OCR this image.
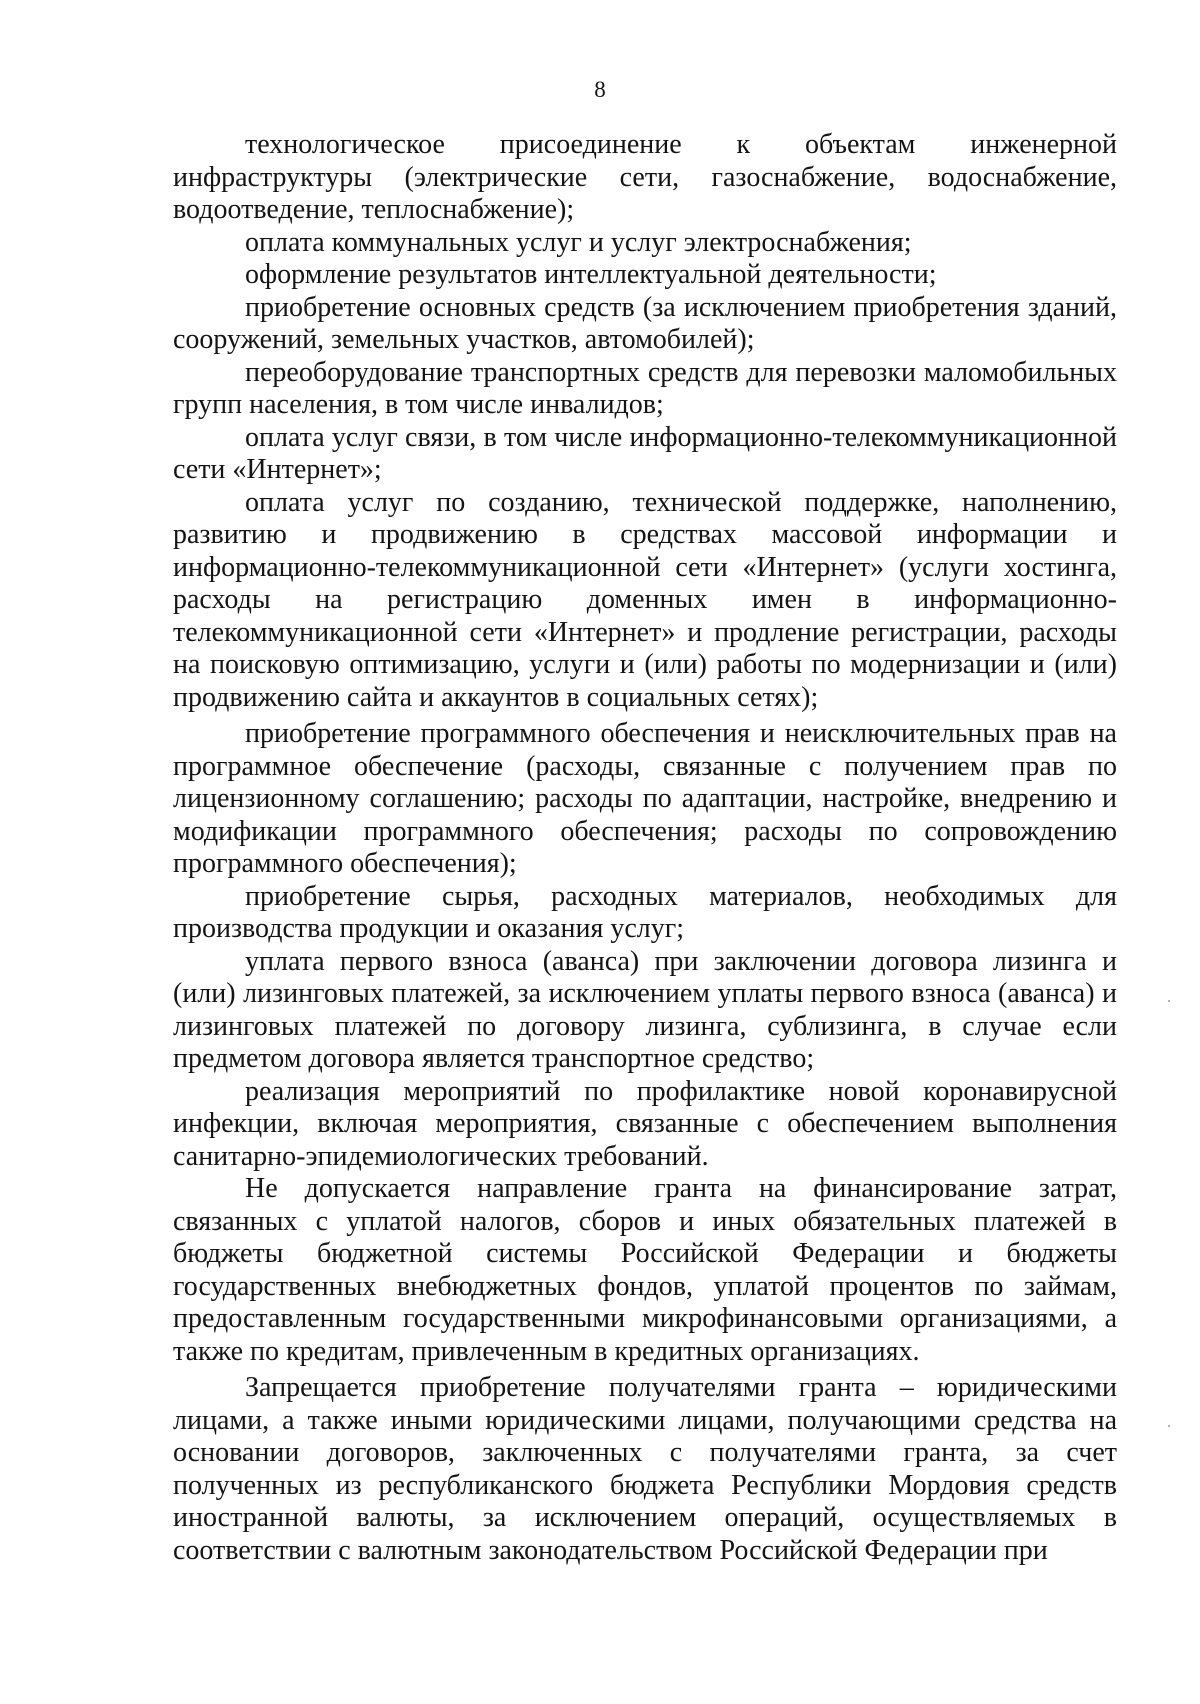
8

технологическое присоединение к объектам инженерной инфраструктуры (электрические сети, газоснабжение, водоснабжение, водоотведение, теплоснабжение);

оплата коммунальных услуг и услуг электроснабжения;

оформление результатов интеллектуальной деятельности;

приобретение основных средств (за исключением приобретения зданий, сооружений, земельных участков, автомобилей);

переоборудование транспортных средств для перевозки маломобильных групп населения, в том числе инвалидов;

оплата услуг связи, в том числе информационно-телекоммуникационной сети «Интернет»;

оплата услуг по созданию, технической поддержке, наполнению, развитию и продвижению в средствах массовой информации и информационно-телекоммуникационной сети «Интернет» (услуги хостинга, расходы на регистрацию доменных имен в информационно-телекоммуникационной сети «Интернет» и продление регистрации, расходы на поисковую оптимизацию, услуги и (или) работы по модернизации и (или) продвижению сайта и аккаунтов в социальных сетях);

приобретение программного обеспечения и неисключительных прав на программное обеспечение (расходы, связанные с получением прав по лицензионному соглашению; расходы по адаптации, настройке, внедрению и модификации программного обеспечения; расходы по сопровождению программного обеспечения);

приобретение сырья, расходных материалов, необходимых для производства продукции и оказания услуг;

уплата первого взноса (аванса) при заключении договора лизинга и (или) лизинговых платежей, за исключением уплаты первого взноса (аванса) и лизинговых платежей по договору лизинга, сублизинга, в случае если предметом договора является транспортное средство;

реализация мероприятий по профилактике новой коронавирусной инфекции, включая мероприятия, связанные с обеспечением выполнения санитарно-эпидемиологических требований.

Не допускается направление гранта на финансирование затрат, связанных с уплатой налогов, сборов и иных обязательных платежей в бюджеты бюджетной системы Российской Федерации и бюджеты государственных внебюджетных фондов, уплатой процентов по займам, предоставленным государственными микрофинансовыми организациями, а также по кредитам, привлеченным в кредитных организациях.

Запрещается приобретение получателями гранта – юридическими лицами, а также иными юридическими лицами, получающими средства на основании договоров, заключенных с получателями гранта, за счет полученных из республиканского бюджета Республики Мордовия средств иностранной валюты, за исключением операций, осуществляемых в соответствии с валютным законодательством Российской Федерации при
